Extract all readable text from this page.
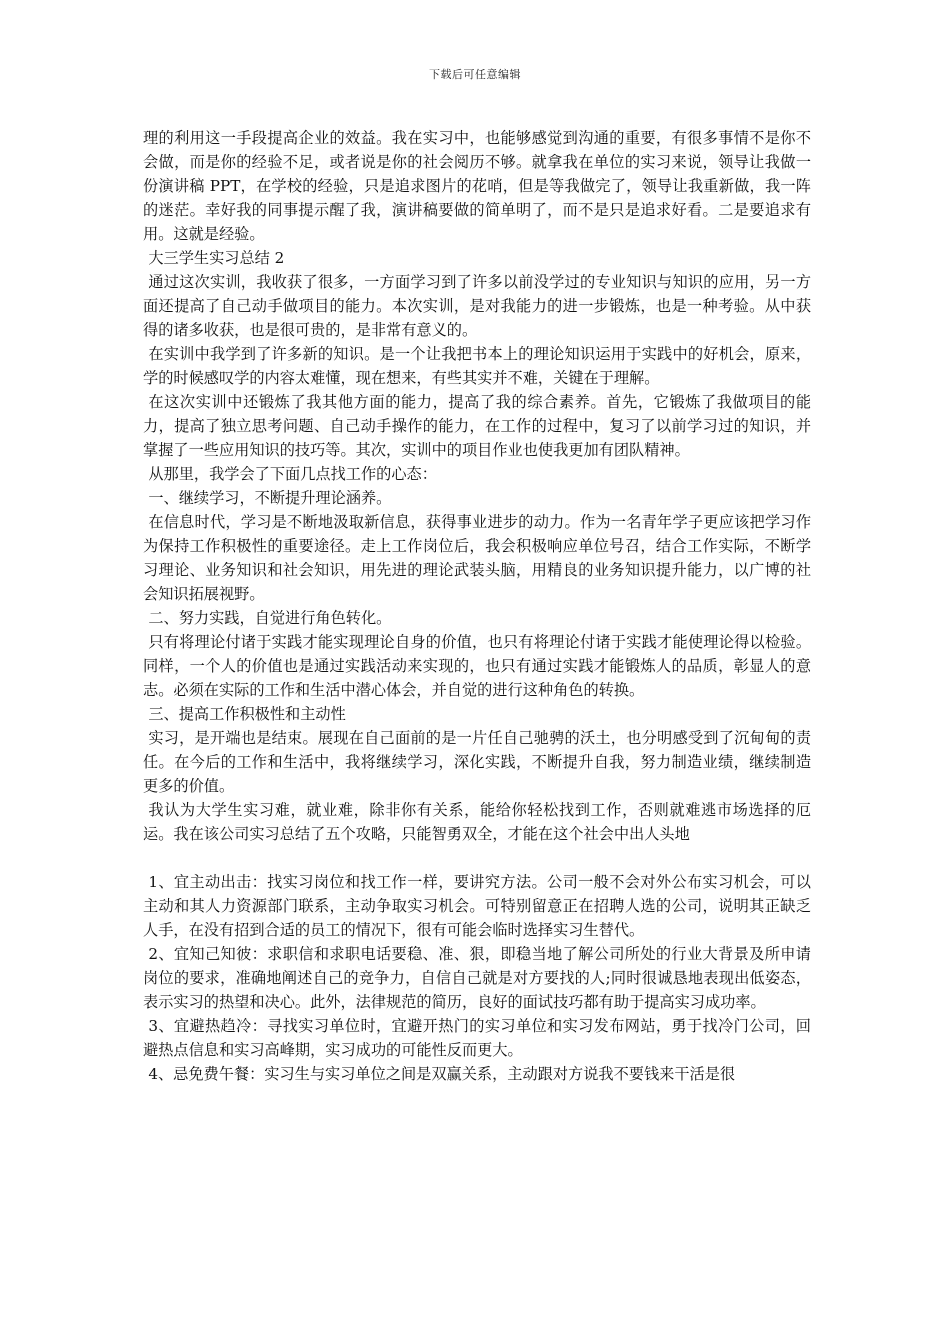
下载后可任意编辑

理的利用这一手段提高企业的效益。我在实习中，也能够感觉到沟通的重要，有很多事情不是你不会做，而是你的经验不足，或者说是你的社会阅历不够。就拿我在单位的实习来说，领导让我做一份演讲稿 PPT，在学校的经验，只是追求图片的花哨，但是等我做完了，领导让我重新做，我一阵的迷茫。幸好我的同事提示醒了我，演讲稿要做的简单明了，而不是只是追求好看。二是要追求有用。这就是经验。

大三学生实习总结 2

通过这次实训，我收获了很多，一方面学习到了许多以前没学过的专业知识与知识的应用，另一方面还提高了自己动手做项目的能力。本次实训，是对我能力的进一步锻炼，也是一种考验。从中获得的诸多收获，也是很可贵的，是非常有意义的。

在实训中我学到了许多新的知识。是一个让我把书本上的理论知识运用于实践中的好机会，原来，学的时候感叹学的内容太难懂，现在想来，有些其实并不难，关键在于理解。

在这次实训中还锻炼了我其他方面的能力，提高了我的综合素养。首先，它锻炼了我做项目的能力，提高了独立思考问题、自己动手操作的能力，在工作的过程中，复习了以前学习过的知识，并掌握了一些应用知识的技巧等。其次，实训中的项目作业也使我更加有团队精神。

从那里，我学会了下面几点找工作的心态：

一、继续学习，不断提升理论涵养。

在信息时代，学习是不断地汲取新信息，获得事业进步的动力。作为一名青年学子更应该把学习作为保持工作积极性的重要途径。走上工作岗位后，我会积极响应单位号召，结合工作实际，不断学习理论、业务知识和社会知识，用先进的理论武装头脑，用精良的业务知识提升能力，以广博的社会知识拓展视野。

二、努力实践，自觉进行角色转化。

只有将理论付诸于实践才能实现理论自身的价值，也只有将理论付诸于实践才能使理论得以检验。同样，一个人的价值也是通过实践活动来实现的，也只有通过实践才能锻炼人的品质，彰显人的意志。必须在实际的工作和生活中潜心体会，并自觉的进行这种角色的转换。

三、提高工作积极性和主动性

实习，是开端也是结束。展现在自己面前的是一片任自己驰骋的沃土，也分明感受到了沉甸甸的责任。在今后的工作和生活中，我将继续学习，深化实践，不断提升自我，努力制造业绩，继续制造更多的价值。

我认为大学生实习难，就业难，除非你有关系，能给你轻松找到工作，否则就难逃市场选择的厄运。我在该公司实习总结了五个攻略，只能智勇双全，才能在这个社会中出人头地

1、宜主动出击：找实习岗位和找工作一样，要讲究方法。公司一般不会对外公布实习机会，可以主动和其人力资源部门联系，主动争取实习机会。可特别留意正在招聘人选的公司，说明其正缺乏人手，在没有招到合适的员工的情况下，很有可能会临时选择实习生替代。

2、宜知己知彼：求职信和求职电话要稳、准、狠，即稳当地了解公司所处的行业大背景及所申请岗位的要求，准确地阐述自己的竞争力，自信自己就是对方要找的人;同时很诚恳地表现出低姿态，表示实习的热望和决心。此外，法律规范的简历，良好的面试技巧都有助于提高实习成功率。

3、宜避热趋冷：寻找实习单位时，宜避开热门的实习单位和实习发布网站，勇于找冷门公司，回避热点信息和实习高峰期，实习成功的可能性反而更大。

4、忌免费午餐：实习生与实习单位之间是双赢关系，主动跟对方说我不要钱来干活是很
